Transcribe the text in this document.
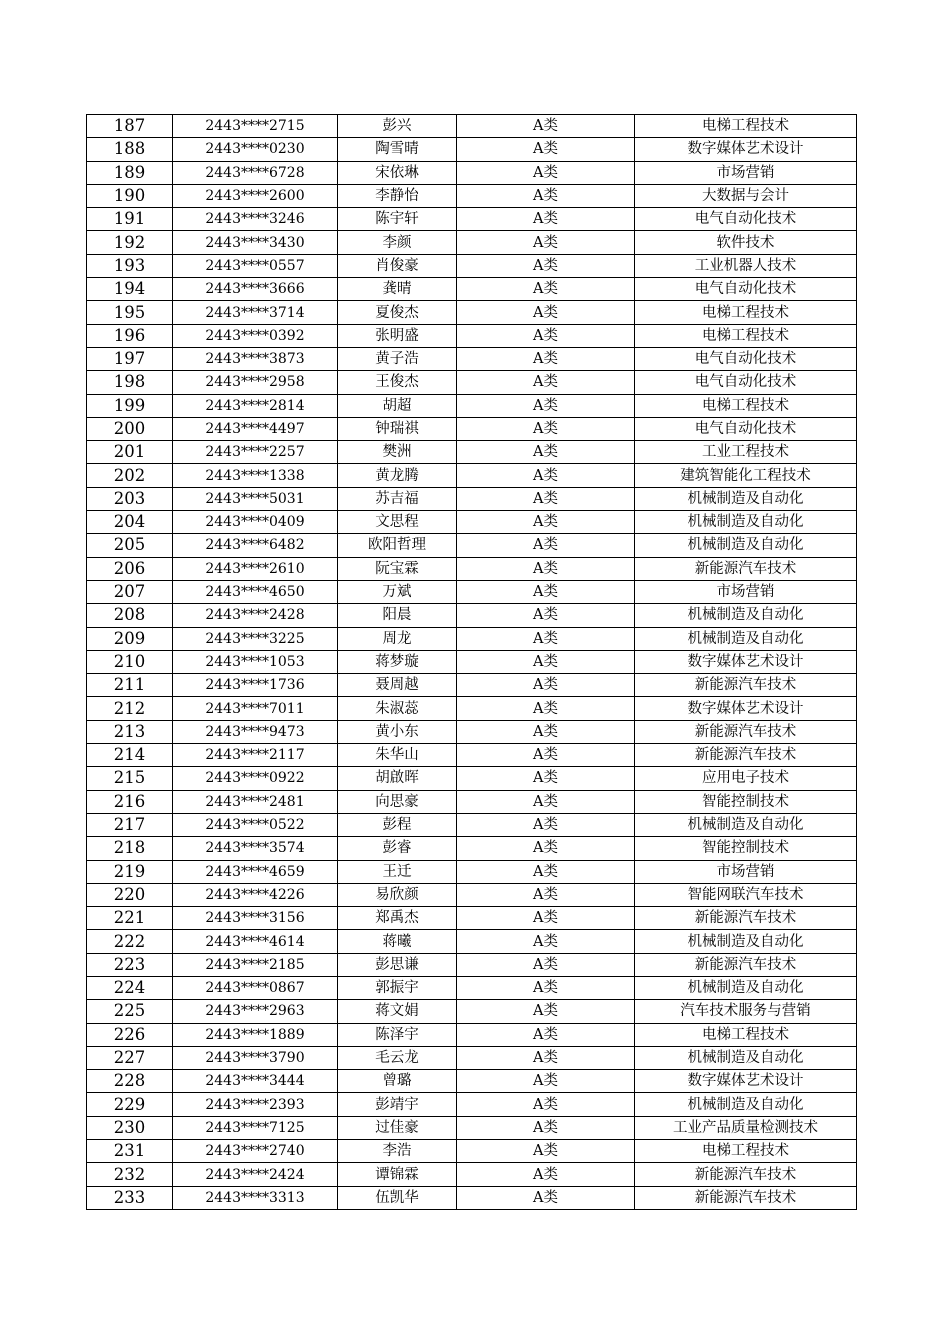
187	2443****2715	彭兴	A类	电梯工程技术
188	2443****0230	陶雪晴	A类	数字媒体艺术设计
189	2443****6728	宋依琳	A类	市场营销
190	2443****2600	李静怡	A类	大数据与会计
191	2443****3246	陈宇轩	A类	电气自动化技术
192	2443****3430	李颜	A类	软件技术
193	2443****0557	肖俊豪	A类	工业机器人技术
194	2443****3666	龚晴	A类	电气自动化技术
195	2443****3714	夏俊杰	A类	电梯工程技术
196	2443****0392	张明盛	A类	电梯工程技术
197	2443****3873	黄子浩	A类	电气自动化技术
198	2443****2958	王俊杰	A类	电气自动化技术
199	2443****2814	胡超	A类	电梯工程技术
200	2443****4497	钟瑞祺	A类	电气自动化技术
201	2443****2257	樊洲	A类	工业工程技术
202	2443****1338	黄龙腾	A类	建筑智能化工程技术
203	2443****5031	苏吉福	A类	机械制造及自动化
204	2443****0409	文思程	A类	机械制造及自动化
205	2443****6482	欧阳哲理	A类	机械制造及自动化
206	2443****2610	阮宝霖	A类	新能源汽车技术
207	2443****4650	万斌	A类	市场营销
208	2443****2428	阳晨	A类	机械制造及自动化
209	2443****3225	周龙	A类	机械制造及自动化
210	2443****1053	蒋梦璇	A类	数字媒体艺术设计
211	2443****1736	聂周越	A类	新能源汽车技术
212	2443****7011	朱淑蕊	A类	数字媒体艺术设计
213	2443****9473	黄小东	A类	新能源汽车技术
214	2443****2117	朱华山	A类	新能源汽车技术
215	2443****0922	胡啟晖	A类	应用电子技术
216	2443****2481	向思豪	A类	智能控制技术
217	2443****0522	彭程	A类	机械制造及自动化
218	2443****3574	彭睿	A类	智能控制技术
219	2443****4659	王迁	A类	市场营销
220	2443****4226	易欣颜	A类	智能网联汽车技术
221	2443****3156	郑禹杰	A类	新能源汽车技术
222	2443****4614	蒋曦	A类	机械制造及自动化
223	2443****2185	彭思谦	A类	新能源汽车技术
224	2443****0867	郭振宇	A类	机械制造及自动化
225	2443****2963	蒋文娟	A类	汽车技术服务与营销
226	2443****1889	陈泽宇	A类	电梯工程技术
227	2443****3790	毛云龙	A类	机械制造及自动化
228	2443****3444	曾璐	A类	数字媒体艺术设计
229	2443****2393	彭靖宇	A类	机械制造及自动化
230	2443****7125	过佳豪	A类	工业产品质量检测技术
231	2443****2740	李浩	A类	电梯工程技术
232	2443****2424	谭锦霖	A类	新能源汽车技术
233	2443****3313	伍凯华	A类	新能源汽车技术
